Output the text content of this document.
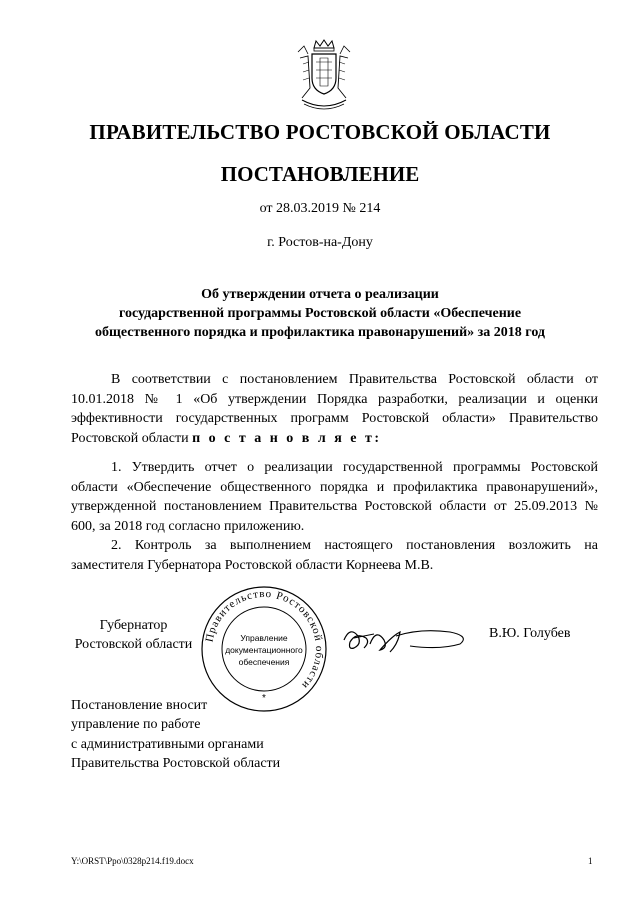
ПРАВИТЕЛЬСТВО РОСТОВСКОЙ ОБЛАСТИ
ПОСТАНОВЛЕНИЕ
от 28.03.2019 № 214
г. Ростов-на-Дону
Об утверждении отчета о реализации
государственной программы Ростовской области «Обеспечение
общественного порядка и профилактика правонарушений» за 2018 год

В соответствии с постановлением Правительства Ростовской области от 10.01.2018 № 1 «Об утверждении Порядка разработки, реализации и оценки эффективности государственных программ Ростовской области» Правительство Ростовской области п о с т а н о в л я е т:

1. Утвердить отчет о реализации государственной программы Ростовской области «Обеспечение общественного порядка и профилактика правонарушений», утвержденной постановлением Правительства Ростовской области от 25.09.2013 № 600, за 2018 год согласно приложению.

2. Контроль за выполнением настоящего постановления возложить на заместителя Губернатора Ростовской области Корнеева М.В.

Губернатор
Ростовской области	Правительство Ростовской области
Управление
документационного
обеспечения
*
В.Ю. Голубев
Постановление вносит
управление по работе
с административными органами
Правительства Ростовской области
Y:\ORST\Ppo\0328p214.f19.docx	1
